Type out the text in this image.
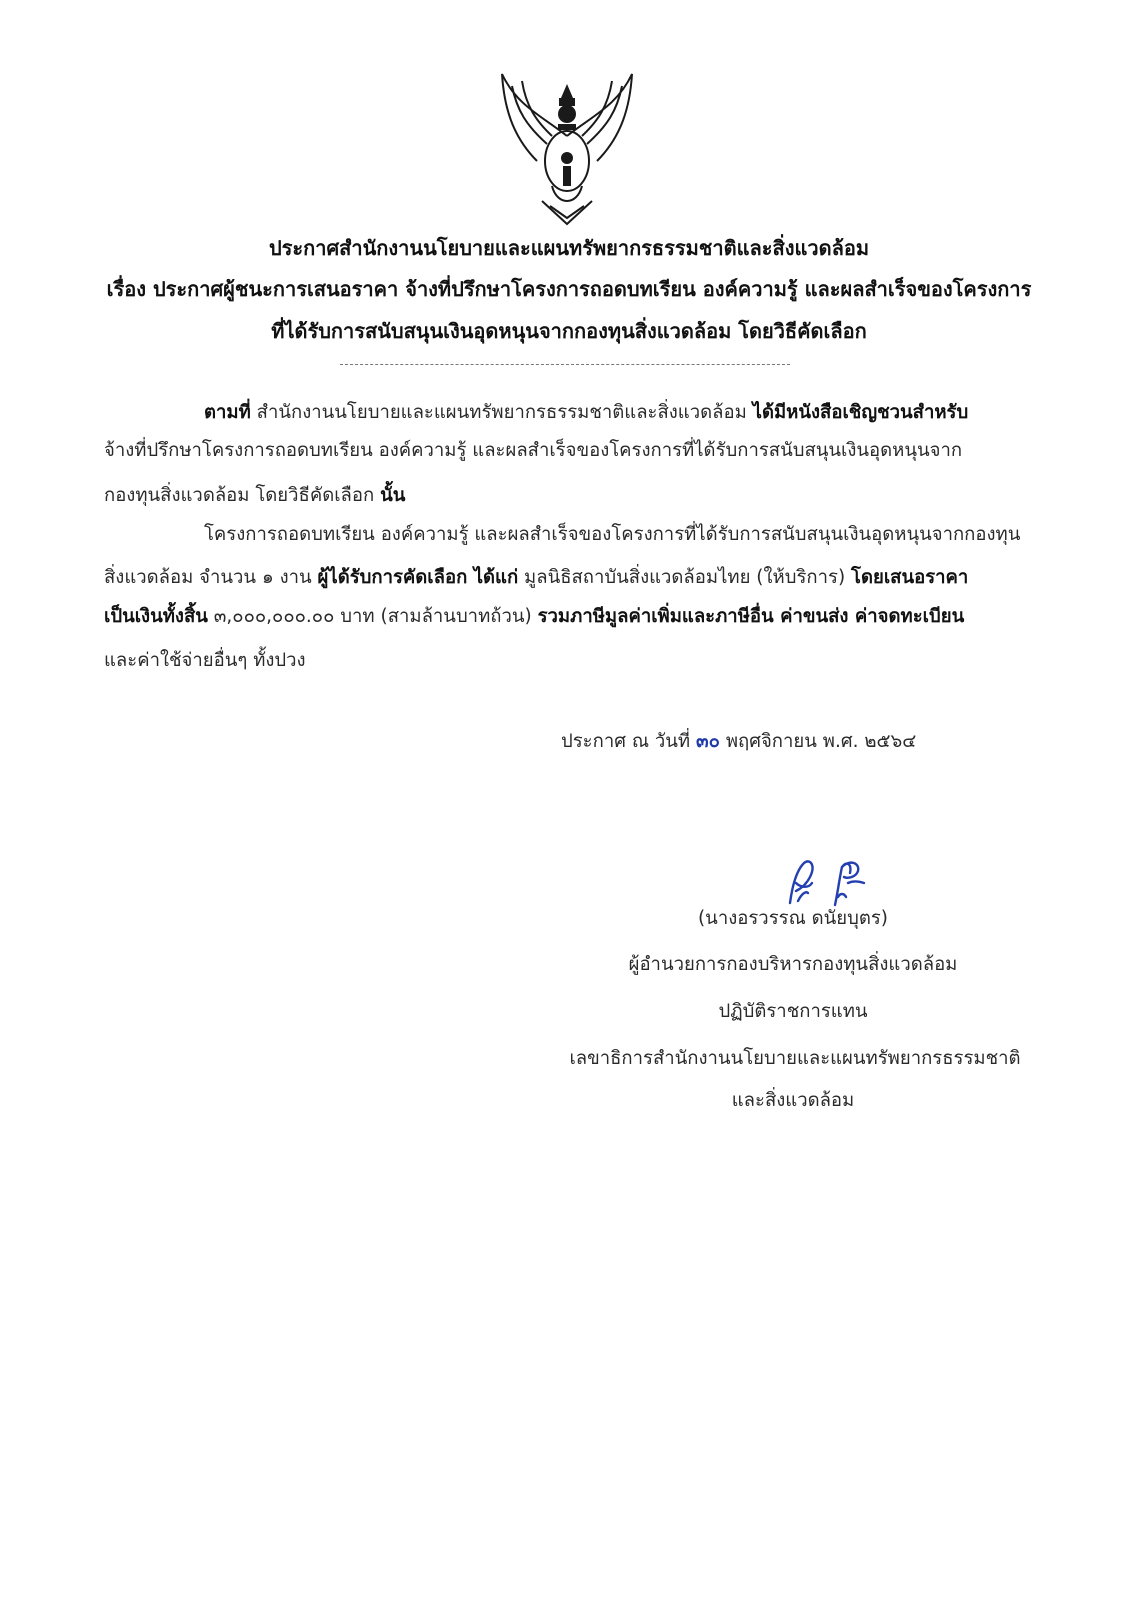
ประกาศสำนักงานนโยบายและแผนทรัพยากรธรรมชาติและสิ่งแวดล้อม
เรื่อง ประกาศผู้ชนะการเสนอราคา จ้างที่ปรึกษาโครงการถอดบทเรียน องค์ความรู้ และผลสำเร็จของโครงการ
ที่ได้รับการสนับสนุนเงินอุดหนุนจากกองทุนสิ่งแวดล้อม โดยวิธีคัดเลือก
ตามที่ สำนักงานนโยบายและแผนทรัพยากรธรรมชาติและสิ่งแวดล้อม ได้มีหนังสือเชิญชวนสำหรับ
จ้างที่ปรึกษาโครงการถอดบทเรียน องค์ความรู้ และผลสำเร็จของโครงการที่ได้รับการสนับสนุนเงินอุดหนุนจาก
กองทุนสิ่งแวดล้อม โดยวิธีคัดเลือก นั้น
โครงการถอดบทเรียน องค์ความรู้ และผลสำเร็จของโครงการที่ได้รับการสนับสนุนเงินอุดหนุนจากกองทุน
สิ่งแวดล้อม จำนวน ๑ งาน ผู้ได้รับการคัดเลือก ได้แก่ มูลนิธิสถาบันสิ่งแวดล้อมไทย (ให้บริการ) โดยเสนอราคา
เป็นเงินทั้งสิ้น ๓,๐๐๐,๐๐๐.๐๐ บาท (สามล้านบาทถ้วน) รวมภาษีมูลค่าเพิ่มและภาษีอื่น ค่าขนส่ง ค่าจดทะเบียน
และค่าใช้จ่ายอื่นๆ ทั้งปวง
ประกาศ ณ วันที่ ๓๐ พฤศจิกายน พ.ศ. ๒๕๖๔
(นางอรวรรณ ดนัยบุตร)
ผู้อำนวยการกองบริหารกองทุนสิ่งแวดล้อม
ปฏิบัติราชการแทน
เลขาธิการสำนักงานนโยบายและแผนทรัพยากรธรรมชาติ
และสิ่งแวดล้อม
